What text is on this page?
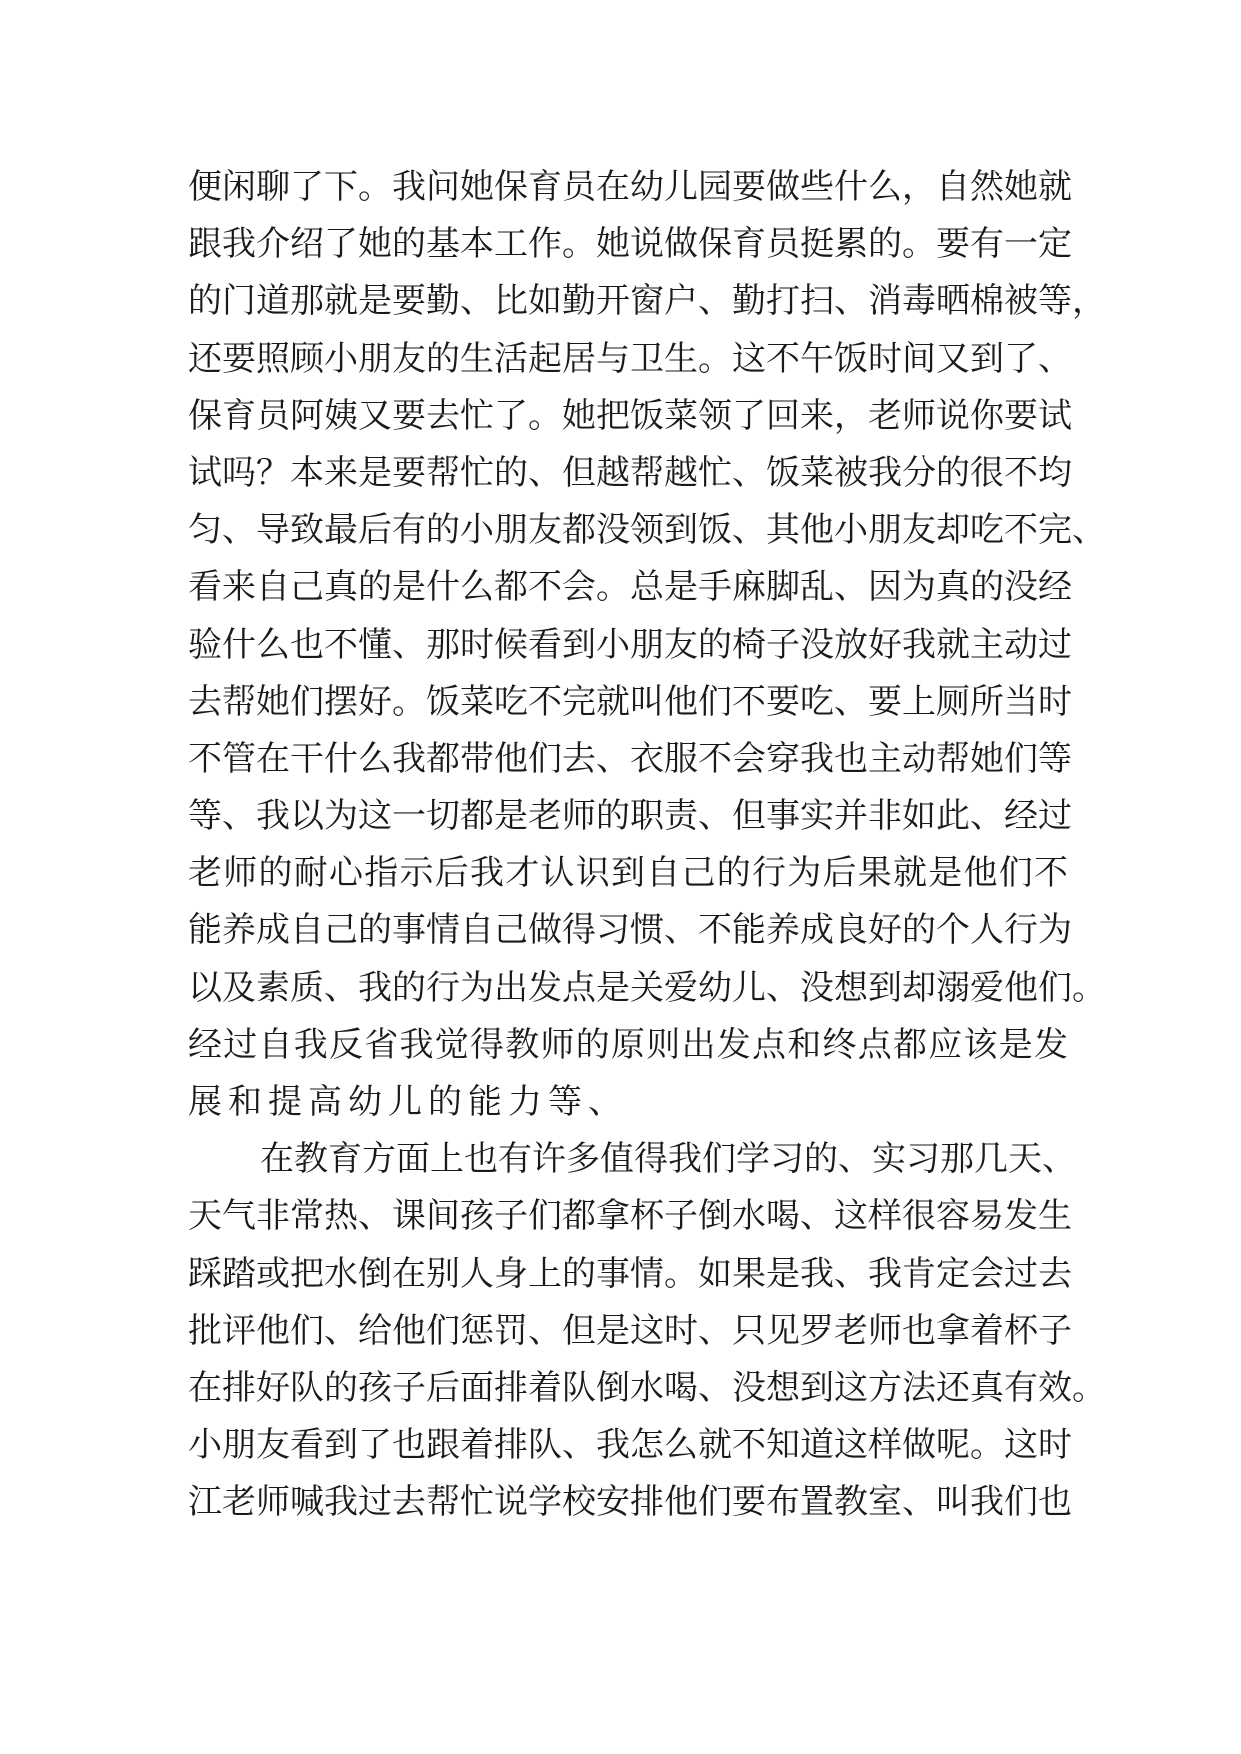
便闲聊了下。我问她保育员在幼儿园要做些什么，自然她就
跟我介绍了她的基本工作。她说做保育员挺累的。要有一定
的门道那就是要勤、比如勤开窗户、勤打扫、消毒晒棉被等，
还要照顾小朋友的生活起居与卫生。这不午饭时间又到了、
保育员阿姨又要去忙了。她把饭菜领了回来，老师说你要试
试吗？本来是要帮忙的、但越帮越忙、饭菜被我分的很不均
匀、导致最后有的小朋友都没领到饭、其他小朋友却吃不完、
看来自己真的是什么都不会。总是手麻脚乱、因为真的没经
验什么也不懂、那时候看到小朋友的椅子没放好我就主动过
去帮她们摆好。饭菜吃不完就叫他们不要吃、要上厕所当时
不管在干什么我都带他们去、衣服不会穿我也主动帮她们等
等、我以为这一切都是老师的职责、但事实并非如此、经过
老师的耐心指示后我才认识到自己的行为后果就是他们不
能养成自己的事情自己做得习惯、不能养成良好的个人行为
以及素质、我的行为出发点是关爱幼儿、没想到却溺爱他们。
经过自我反省我觉得教师的原则出发点和终点都应该是发
展和提高幼儿的能力等、
在教育方面上也有许多值得我们学习的、实习那几天、
天气非常热、课间孩子们都拿杯子倒水喝、这样很容易发生
踩踏或把水倒在别人身上的事情。如果是我、我肯定会过去
批评他们、给他们惩罚、但是这时、只见罗老师也拿着杯子
在排好队的孩子后面排着队倒水喝、没想到这方法还真有效。
小朋友看到了也跟着排队、我怎么就不知道这样做呢。这时
江老师喊我过去帮忙说学校安排他们要布置教室、叫我们也
